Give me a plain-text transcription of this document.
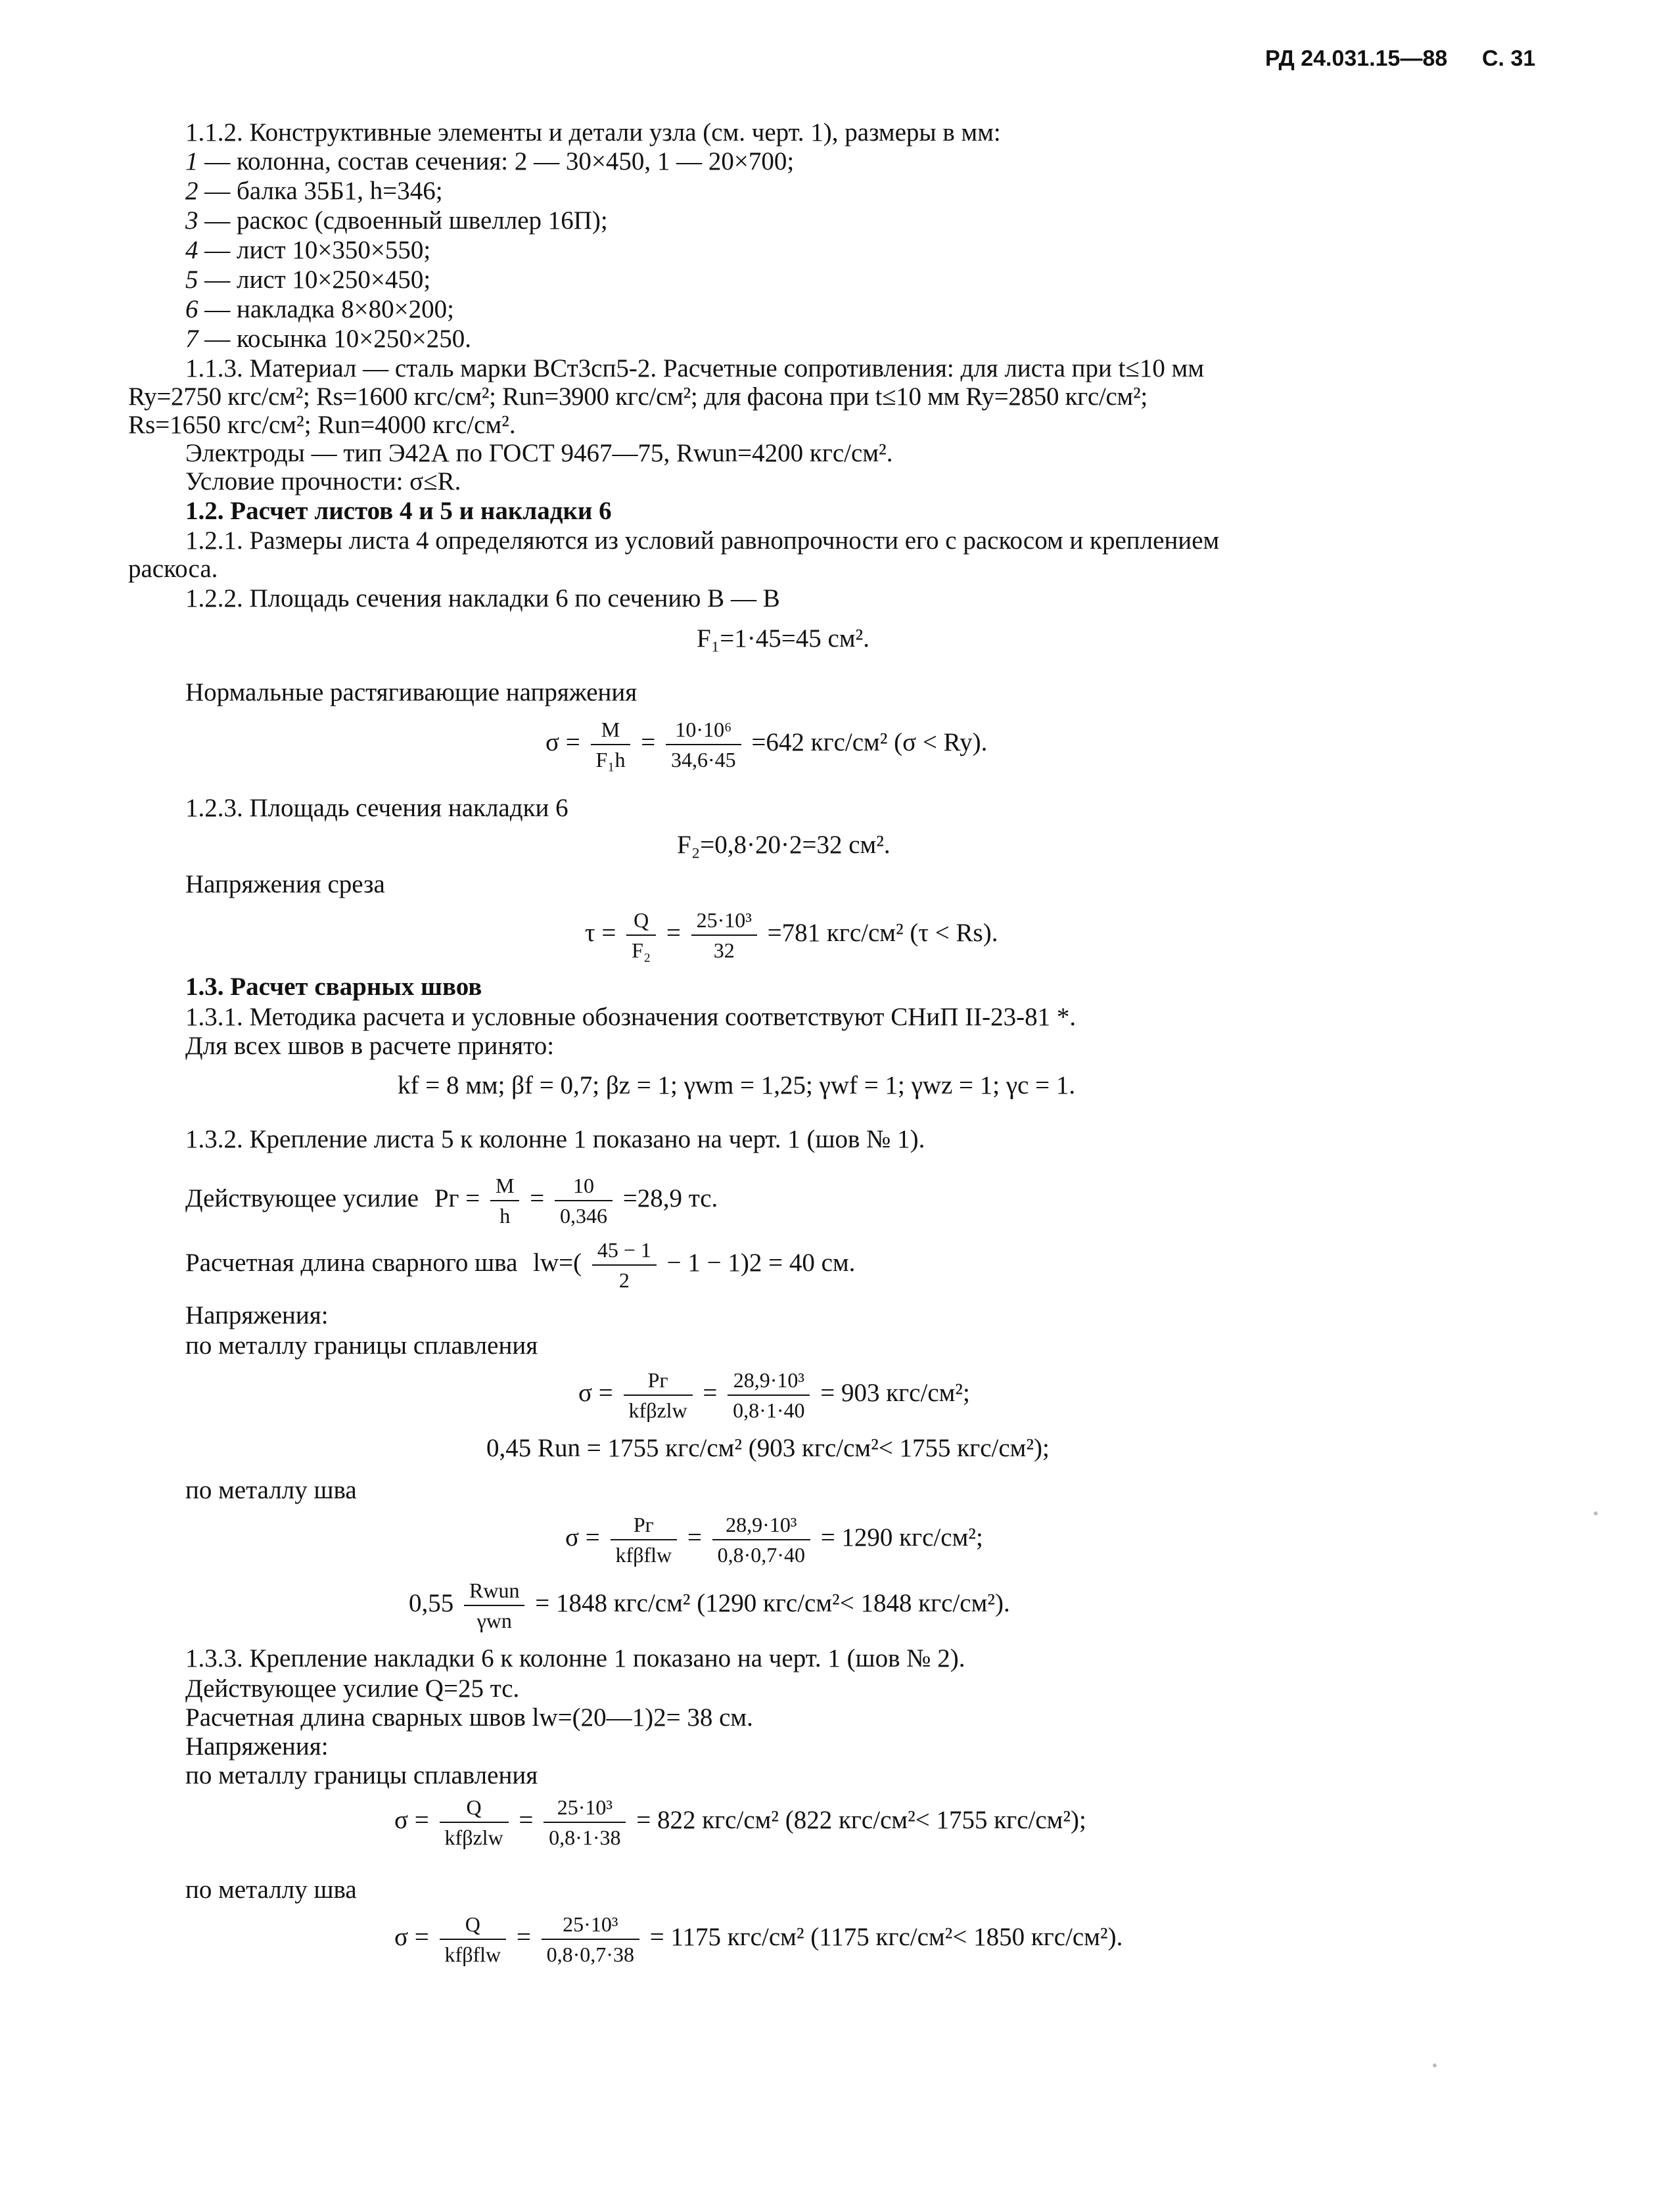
РД 24.031.15—88 С. 31
1.1.2. Конструктивные элементы и детали узла (см. черт. 1), размеры в мм:
1 — колонна, состав сечения: 2 — 30×450, 1 — 20×700;
2 — балка 35Б1, h=346;
3 — раскос (сдвоенный швеллер 16П);
4 — лист 10×350×550;
5 — лист 10×250×450;
6 — накладка 8×80×200;
7 — косынка 10×250×250.
1.1.3. Материал — сталь марки ВСт3сп5-2. Расчетные сопротивления: для листа при t≤10 мм
Ry=2750 кгс/см²; Rs=1600 кгс/см²; Run=3900 кгс/см²; для фасона при t≤10 мм Ry=2850 кгс/см²;
Rs=1650 кгс/см²; Run=4000 кгс/см².
Электроды — тип Э42А по ГОСТ 9467—75, Rwun=4200 кгс/см².
Условие прочности: σ≤R.
1.2. Расчет листов 4 и 5 и накладки 6
1.2.1. Размеры листа 4 определяются из условий равнопрочности его с раскосом и креплением
раскоса.
1.2.2. Площадь сечения накладки 6 по сечению B — B
F₁=1·45=45 см².
Нормальные растягивающие напряжения
$\sigma = \frac{M}{\text{F₁h}} = \frac{\text{10·10⁶}}{34,6\cdot 45} =642$ кгс/см² (σ < Ry).
1.2.3. Площадь сечения накладки 6
F₂=0,8·20·2=32 см².
Напряжения среза
$\tau = \frac{Q}{\text{F₂}} = \frac{\text{25·10³}}{32} =781$ кгс/см² (τ < Rs).
1.3. Расчет сварных швов
1.3.1. Методика расчета и условные обозначения соответствуют СНиП II-23-81 *.
Для всех швов в расчете принято:
kf = 8 мм; βf = 0,7; βz = 1; γwm = 1,25; γwf = 1; γwz = 1; γc = 1.
1.3.2. Крепление листа 5 к колонне 1 показано на черт. 1 (шов № 1).
Действующее усилие Pг = $\frac{M}{h} = \frac{10}{0,346} =28,9$ тс.
Расчетная длина сварного шва $lw=( \frac{45 - 1}{2} - 1 - 1)2 = 40$ см.
Напряжения:
по металлу границы сплавления
$\sigma = \frac{Pг}{\text{kfβzlw}} = \frac{\text{28,9·10³}}{0,8\cdot 1\cdot 40} = 903$ кгс/см²;
0,45 Run = 1755 кгс/см² (903 кгс/см²< 1755 кгс/см²);
по металлу шва
$\sigma = \frac{Pг}{\text{kfβflw}} = \frac{\text{28,9·10³}}{0,8\cdot 0,7\cdot 40} = 1290$ кгс/см²;
$0,55 \frac{\text{Rwun}}{\text{γwn}} = 1848$ кгс/см² (1290 кгс/см²< 1848 кгс/см²).
1.3.3. Крепление накладки 6 к колонне 1 показано на черт. 1 (шов № 2).
Действующее усилие Q=25 тс.
Расчетная длина сварных швов lw=(20—1)2= 38 см.
Напряжения:
по металлу границы сплавления
$\sigma = \frac{Q}{\text{kfβzlw}} = \frac{\text{25·10³}}{0,8\cdot 1\cdot 38} = 822$ кгс/см² (822 кгс/см²< 1755 кгс/см²);
по металлу шва
$\sigma = \frac{Q}{\text{kfβflw}} = \frac{\text{25·10³}}{0,8\cdot 0,7\cdot 38} = 1175$ кгс/см² (1175 кгс/см²< 1850 кгс/см²).
